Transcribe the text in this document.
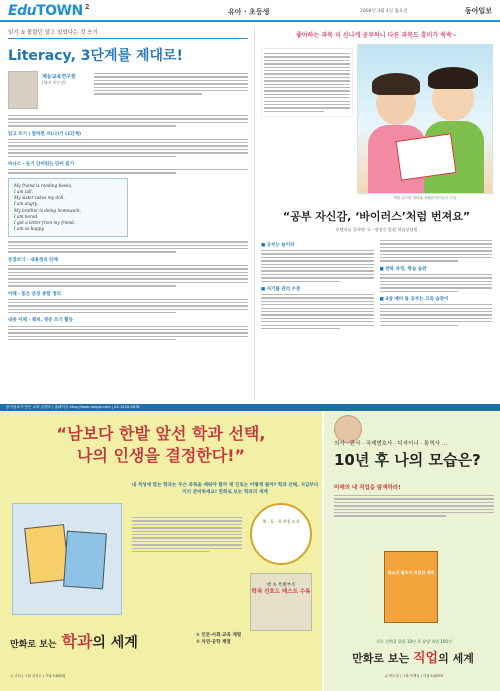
EduTOWN $^2$
유아 · 초등생	2008년 3월 4일 월요일	동아일보
읽기 ① 몰랐던 알고 있었다는 것 쓰기
Literacy, 3단계를 제대로!
제능교육연구원
(영어 부문장)
읽고 쓰기 | 말하면 쓰(나)기 (1단계)
파닉스 · 듣기 단어읽는 단어 읽기
My friend is reading books,
I am tall.
My sister takes my doll.
I am angry.
My brother is doing homework.
I am bored.
I got a letter from my friend.
I am so happy.
문장쓰기 · 내용정리 단계
이해 · 읽은 문장 종합 정리
내용 이해 · 책처, 영문 쓰기 활동
좋아하는 과목 더 신나게 공부하니 다른 과목도 흥미가 쑥쑥~
책을 읽으며 영어와 친해진 아이들의 모습
“공부 자신감, ‘바이러스’처럼 번져요”
오렌지를 입학한 고 · 정정중 칼럼 학습상담원
■ 공부는 놀이터
■ 자기를 관리 수준
■ 반복 과정, 학습 습관
■ 3살 배비 둘 공부는 고독 습관이
동아일보가 만든 교육 콘텐츠 | 홈페이지 http://book.donga.com | 02-1234-5678
“남보다 한발 앞선 학과 선택,
나의 인생을 결정한다!”
내 적성에 맞는 학과는 무슨 과목을 배워야 할까 재 진로는 어떻게 될까? 학과 선택, 지금부터 미리 준비하세요! 만화로 보는 학과의 세계
책 · 독 · 학 추천 도서
책 속 특별부록
학과 선호도 테스트 수록
만화로 보는 학과의 세계	① 인문·사회·교육 계열
② 자연·공학 계열
글 김석 | 그림 김석수 | 각권 9,800원
의사 · 판사 · 국제변호사 · 디자이너 · 통역사 …
10년 후 나의 모습은?
미래의 내 직업을 탐색하라!
청소년 필독서 직업의 세계
진로 선택을 위한 10년 후 유망 직업 100선
만화로 보는 직업의 세계
글 박수정 | 그림 이재일 | 각권 9,800원
